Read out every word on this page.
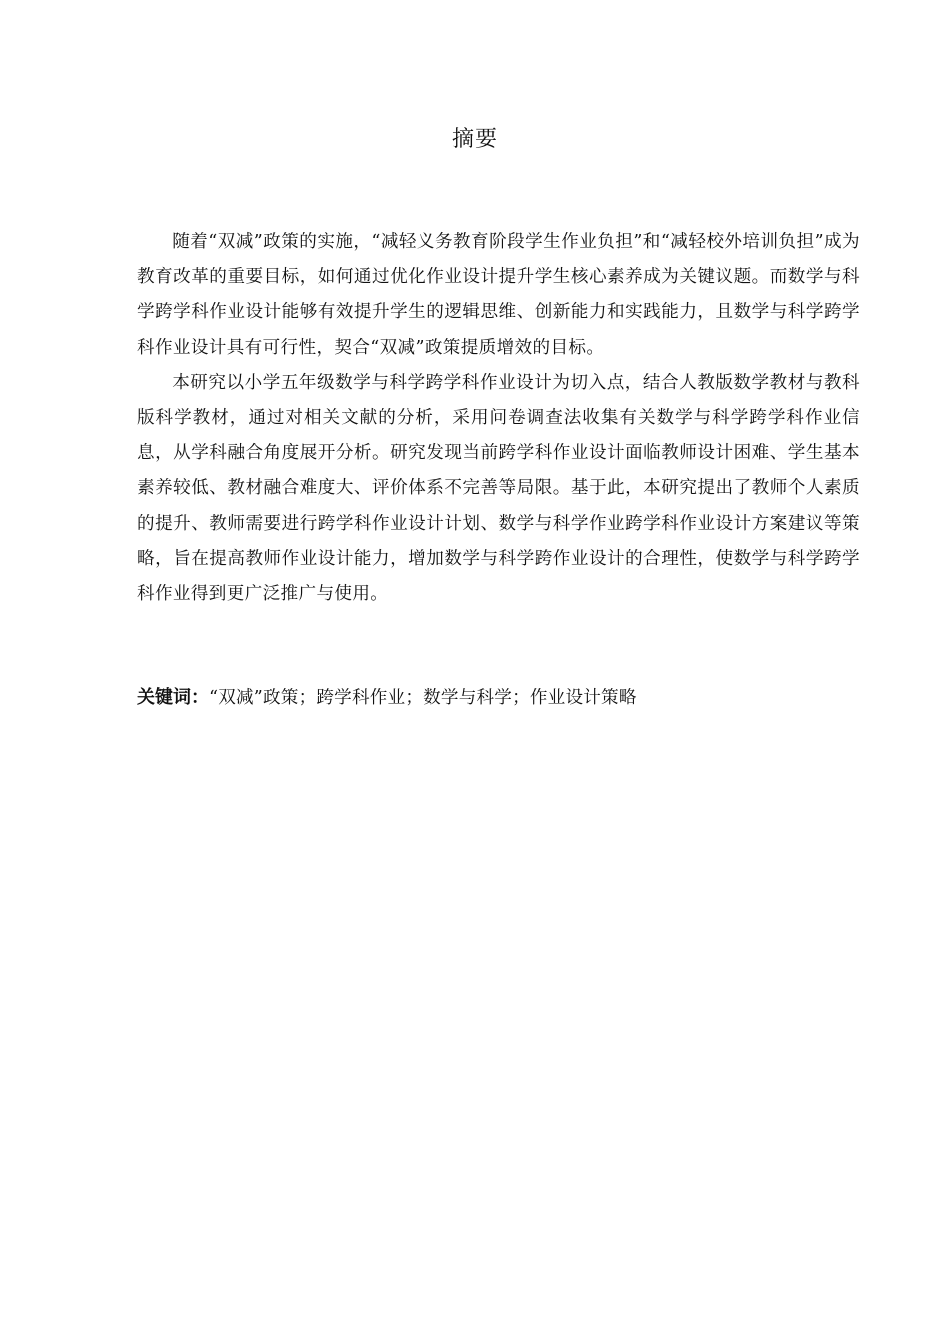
摘要

随着“双减”政策的实施，“减轻义务教育阶段学生作业负担”和“减轻校外培训负担”成为教育改革的重要目标，如何通过优化作业设计提升学生核心素养成为关键议题。而数学与科学跨学科作业设计能够有效提升学生的逻辑思维、创新能力和实践能力，且数学与科学跨学科作业设计具有可行性，契合“双减”政策提质增效的目标。

本研究以小学五年级数学与科学跨学科作业设计为切入点，结合人教版数学教材与教科版科学教材，通过对相关文献的分析，采用问卷调查法收集有关数学与科学跨学科作业信息，从学科融合角度展开分析。研究发现当前跨学科作业设计面临教师设计困难、学生基本素养较低、教材融合难度大、评价体系不完善等局限。基于此，本研究提出了教师个人素质的提升、教师需要进行跨学科作业设计计划、数学与科学作业跨学科作业设计方案建议等策略，旨在提高教师作业设计能力，增加数学与科学跨作业设计的合理性，使数学与科学跨学科作业得到更广泛推广与使用。

关键词：“双减”政策；跨学科作业；数学与科学；作业设计策略
